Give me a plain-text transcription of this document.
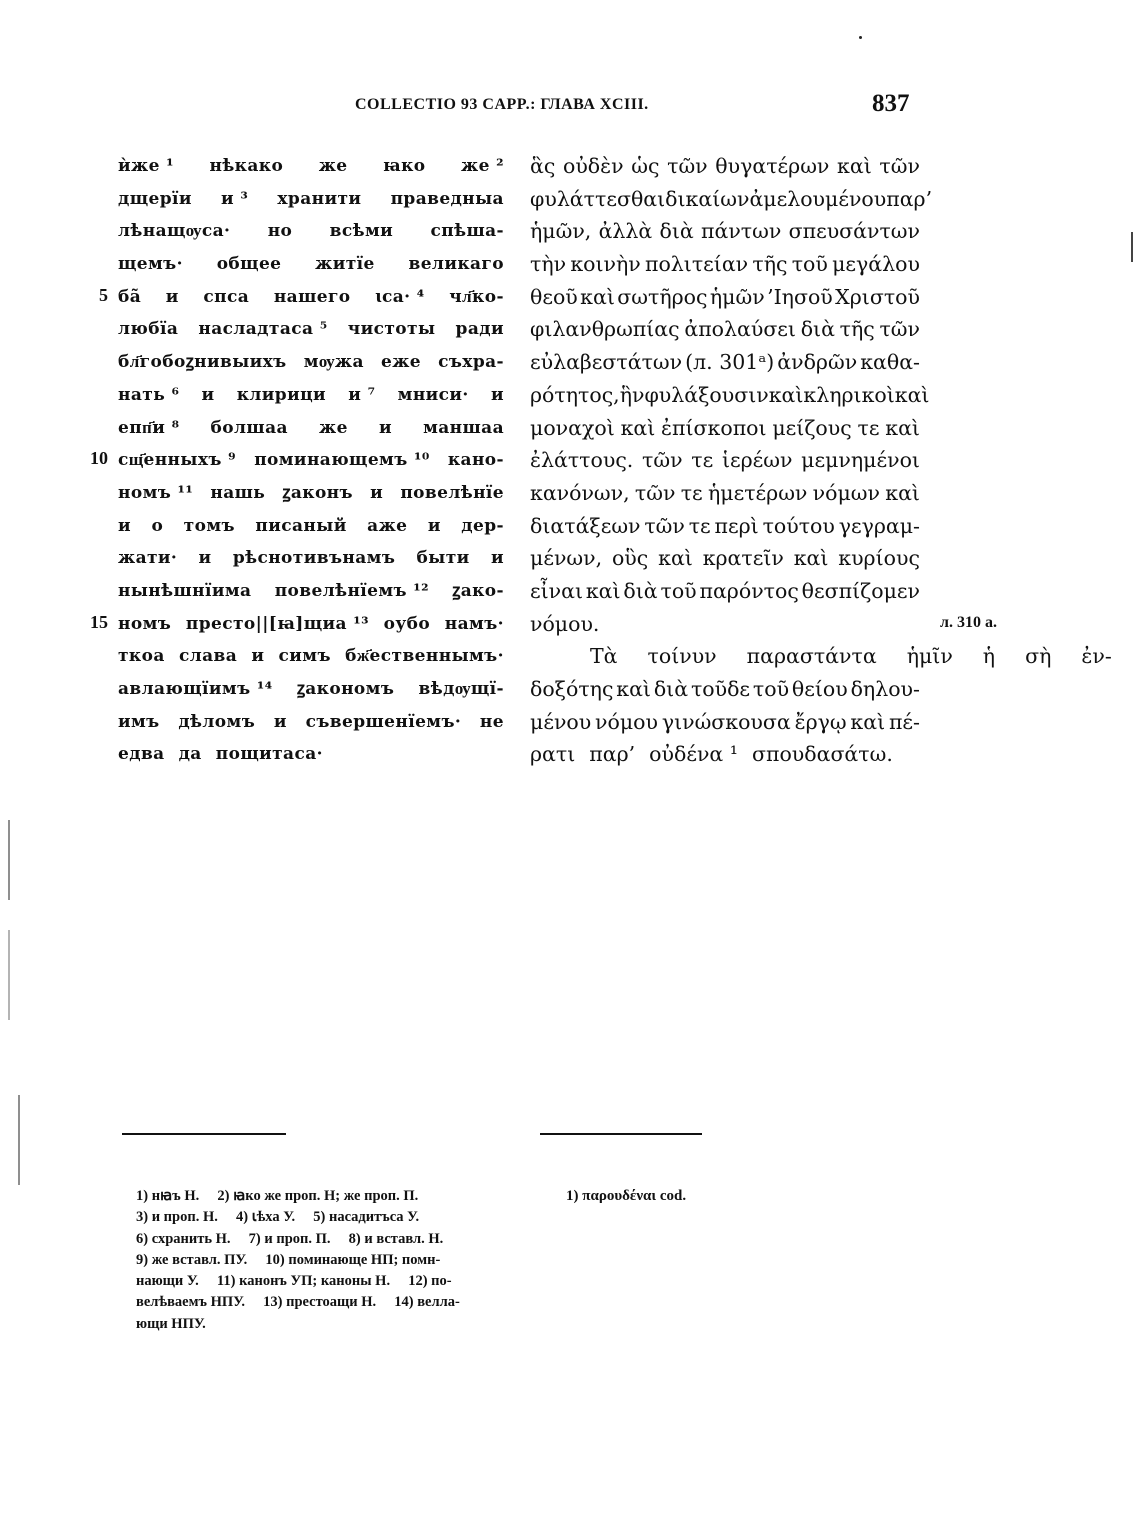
COLLECTIO 93 CAPP.: ГЛАВА XCIII.	837
ѝже ¹ нѣкако же ꙗко же ²
дщерїи и ³ хранити праведныа
лѣнащѹса· но всѣми спѣша-
щемъ· общее житїе великаго
ба̃ и спса нашего ꙇса· ⁴ чл҃ко-
любїа насладтаса ⁵ чистоты ради
бл҃гобоꙁнивыихъ мѹжа еже съхра-
нать ⁶ и клирици и ⁷ мниси· и
епп҃и ⁸ болшаа же и маншаа
сщ҃енныхъ ⁹ поминающемъ ¹⁰ кано-
номъ ¹¹ нашь ꙁаконъ и повелѣнїе
и о томъ писаный аже и дер-
жати· и рѣснотивънамъ быти и
нынѣшнїима повелѣнїемъ ¹² ꙁако-
номъ престо||[ꙗ]щиа ¹³ оубо намъ·
ткоа слава и симъ бж҃ественнымъ·
авлающїимъ ¹⁴ ꙁакономъ вѣдѹщї-
имъ дѣломъ и съвершенїемъ· не
едва да пощитаса·
ἃς οὐδὲν ὡς τῶν θυγατέρων καὶ τῶν
φυλάττεσθαι δικαίων ἀμελουμένου παρ’
ἡμῶν, ἀλλὰ διὰ πάντων σπευσάντων
τὴν κοινὴν πολιτείαν τῆς τοῦ μεγάλου
θεοῦ καὶ σωτῆρος ἡμῶν ’Ιησοῦ Χριστοῦ
φιλανθρωπίας ἀπολαύσει διὰ τῆς τῶν
εὐλαβεστάτων (л. 301ᵃ) ἀνδρῶν καθα-
ρότητος, ἣν φυλάξουσιν καὶ κληρικοὶ καὶ
μοναχοὶ καὶ ἐπίσκοποι μείζους τε καὶ
ἐλάττους. τῶν τε ἱερέων μεμνημένοι
κανόνων, τῶν τε ἡμετέρων νόμων καὶ
διατάξεων τῶν τε περὶ τούτου γεγραμ-
μένων, οὓς καὶ κρατεῖν καὶ κυρίους
εἶναι καὶ διὰ τοῦ παρόντος θεσπίζομεν
νόμου.
Τὰ	τοίνυν	παραστάντα	ἡμῖν	ἡ	σὴ	ἐν-
δοξότης καὶ διὰ τοῦδε τοῦ θείου δηλου-
μένου νόμου γινώσκουσα ἔργῳ καὶ πέ-
ρατι παρ’ οὐδένα ¹ σπουδασάτω.
5
10
15	л. 310 a.
1) нꙗъ Н.     2) ꙗко же проп. Н; же проп. П.
3) и проп. Н.     4) ꙇѣха У.     5) насадитъса У.
6) схранить Н.     7) и проп. П.     8) и вставл. Н.
9) же вставл. ПУ.     10) поминающе НП; помн-
нающи У.     11) канонъ УП; каноны Н.     12) по-
велѣваемъ НПУ.     13) престоащи Н.     14) велла-
ющи НПУ.
1) παρουδέναι cod.
